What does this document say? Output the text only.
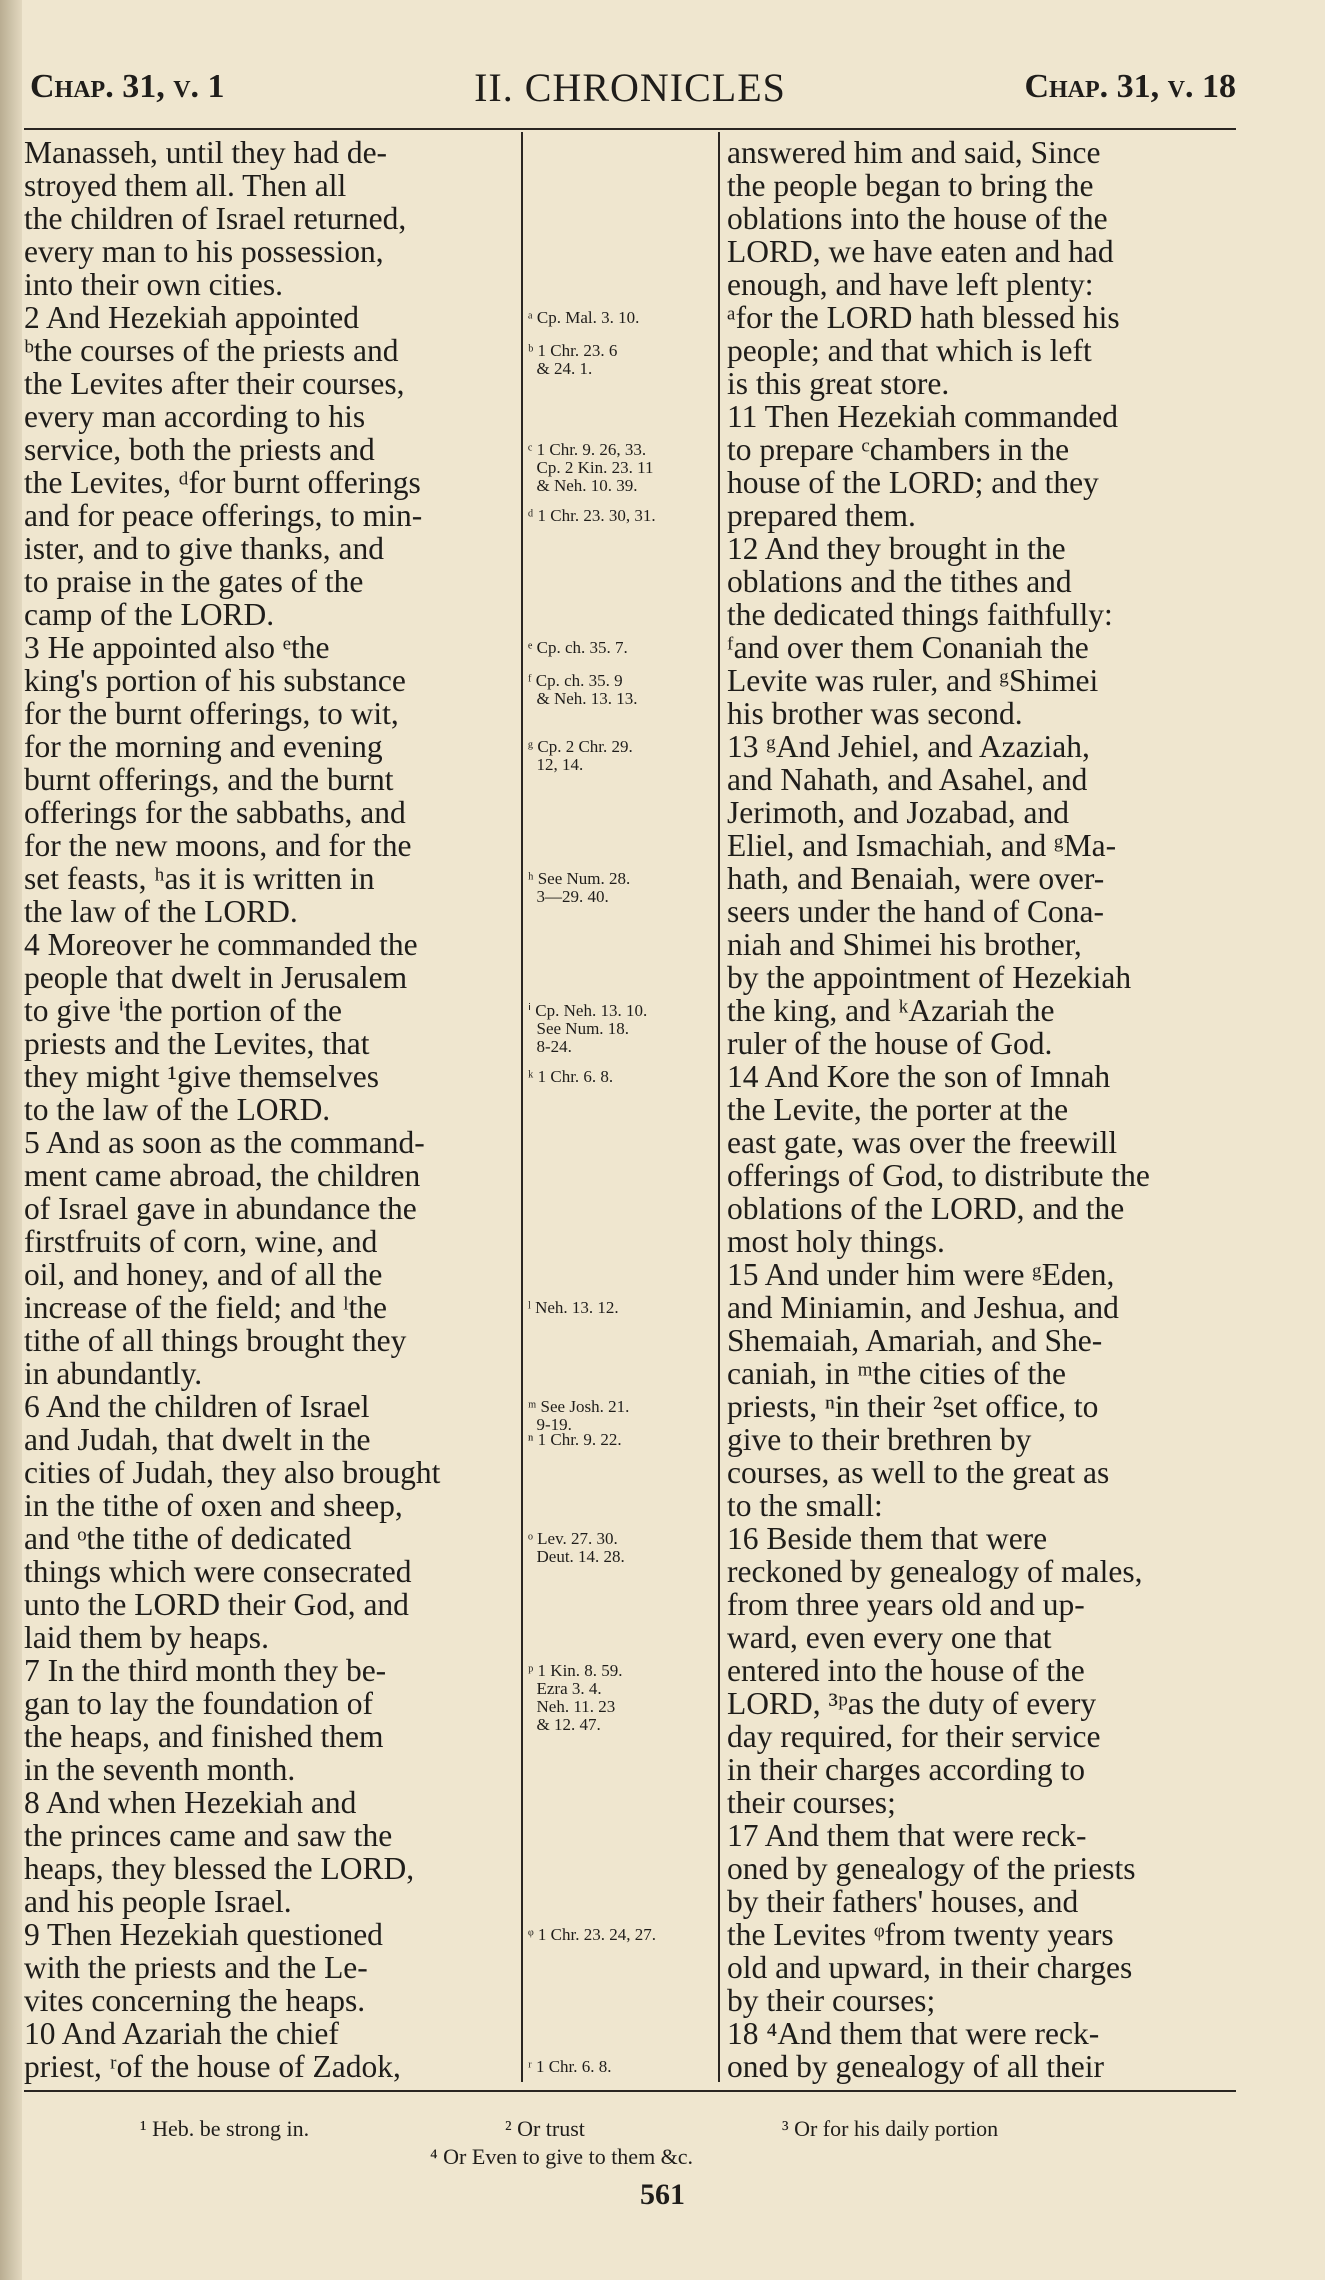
Chap. 31, v. 1	II. CHRONICLES	Chap. 31, v. 18
Manasseh, until they had de-
stroyed them all. Then all
the children of Israel returned,
every man to his possession,
into their own cities.
2 And Hezekiah appointed
ᵇthe courses of the priests and
the Levites after their courses,
every man according to his
service, both the priests and
the Levites, ᵈfor burnt offerings
and for peace offerings, to min-
ister, and to give thanks, and
to praise in the gates of the
camp of the LORD.
3 He appointed also ᵉthe
king's portion of his substance
for the burnt offerings, to wit,
for the morning and evening
burnt offerings, and the burnt
offerings for the sabbaths, and
for the new moons, and for the
set feasts, ʰas it is written in
the law of the LORD.
4 Moreover he commanded the
people that dwelt in Jerusalem
to give ⁱthe portion of the
priests and the Levites, that
they might ¹give themselves
to the law of the LORD.
5 And as soon as the command-
ment came abroad, the children
of Israel gave in abundance the
firstfruits of corn, wine, and
oil, and honey, and of all the
increase of the field; and ˡthe
tithe of all things brought they
in abundantly.
6 And the children of Israel
and Judah, that dwelt in the
cities of Judah, they also brought
in the tithe of oxen and sheep,
and ᵒthe tithe of dedicated
things which were consecrated
unto the LORD their God, and
laid them by heaps.
7 In the third month they be-
gan to lay the foundation of
the heaps, and finished them
in the seventh month.
8 And when Hezekiah and
the princes came and saw the
heaps, they blessed the LORD,
and his people Israel.
9 Then Hezekiah questioned
with the priests and the Le-
vites concerning the heaps.
10 And Azariah the chief
priest, ʳof the house of Zadok,
ᵃ Cp. Mal. 3. 10.
ᵇ 1 Chr. 23. 6
& 24. 1.
ᶜ 1 Chr. 9. 26, 33.
Cp. 2 Kin. 23. 11
& Neh. 10. 39.
ᵈ 1 Chr. 23. 30, 31.
ᵉ Cp. ch. 35. 7.
ᶠ Cp. ch. 35. 9
& Neh. 13. 13.
ᵍ Cp. 2 Chr. 29.
12, 14.
ʰ See Num. 28.
3—29. 40.
ⁱ Cp. Neh. 13. 10.
See Num. 18.
8-24.
ᵏ 1 Chr. 6. 8.
ˡ Neh. 13. 12.
ᵐ See Josh. 21.
9-19.
ⁿ 1 Chr. 9. 22.
ᵒ Lev. 27. 30.
Deut. 14. 28.
ᵖ 1 Kin. 8. 59.
Ezra 3. 4.
Neh. 11. 23
& 12. 47.
ᵠ 1 Chr. 23. 24, 27.
ʳ 1 Chr. 6. 8.
answered him and said, Since
the people began to bring the
oblations into the house of the
LORD, we have eaten and had
enough, and have left plenty:
ᵃfor the LORD hath blessed his
people; and that which is left
is this great store.
11 Then Hezekiah commanded
to prepare ᶜchambers in the
house of the LORD; and they
prepared them.
12 And they brought in the
oblations and the tithes and
the dedicated things faithfully:
ᶠand over them Conaniah the
Levite was ruler, and ᵍShimei
his brother was second.
13 ᵍAnd Jehiel, and Azaziah,
and Nahath, and Asahel, and
Jerimoth, and Jozabad, and
Eliel, and Ismachiah, and ᵍMa-
hath, and Benaiah, were over-
seers under the hand of Cona-
niah and Shimei his brother,
by the appointment of Hezekiah
the king, and ᵏAzariah the
ruler of the house of God.
14 And Kore the son of Imnah
the Levite, the porter at the
east gate, was over the freewill
offerings of God, to distribute the
oblations of the LORD, and the
most holy things.
15 And under him were ᵍEden,
and Miniamin, and Jeshua, and
Shemaiah, Amariah, and She-
caniah, in ᵐthe cities of the
priests, ⁿin their ²set office, to
give to their brethren by
courses, as well to the great as
to the small:
16 Beside them that were
reckoned by genealogy of males,
from three years old and up-
ward, even every one that
entered into the house of the
LORD, ³ᵖas the duty of every
day required, for their service
in their charges according to
their courses;
17 And them that were reck-
oned by genealogy of the priests
by their fathers' houses, and
the Levites ᵠfrom twenty years
old and upward, in their charges
by their courses;
18 ⁴And them that were reck-
oned by genealogy of all their
¹ Heb. be strong in.	² Or trust	³ Or for his daily portion
⁴ Or Even to give to them &c.
561
